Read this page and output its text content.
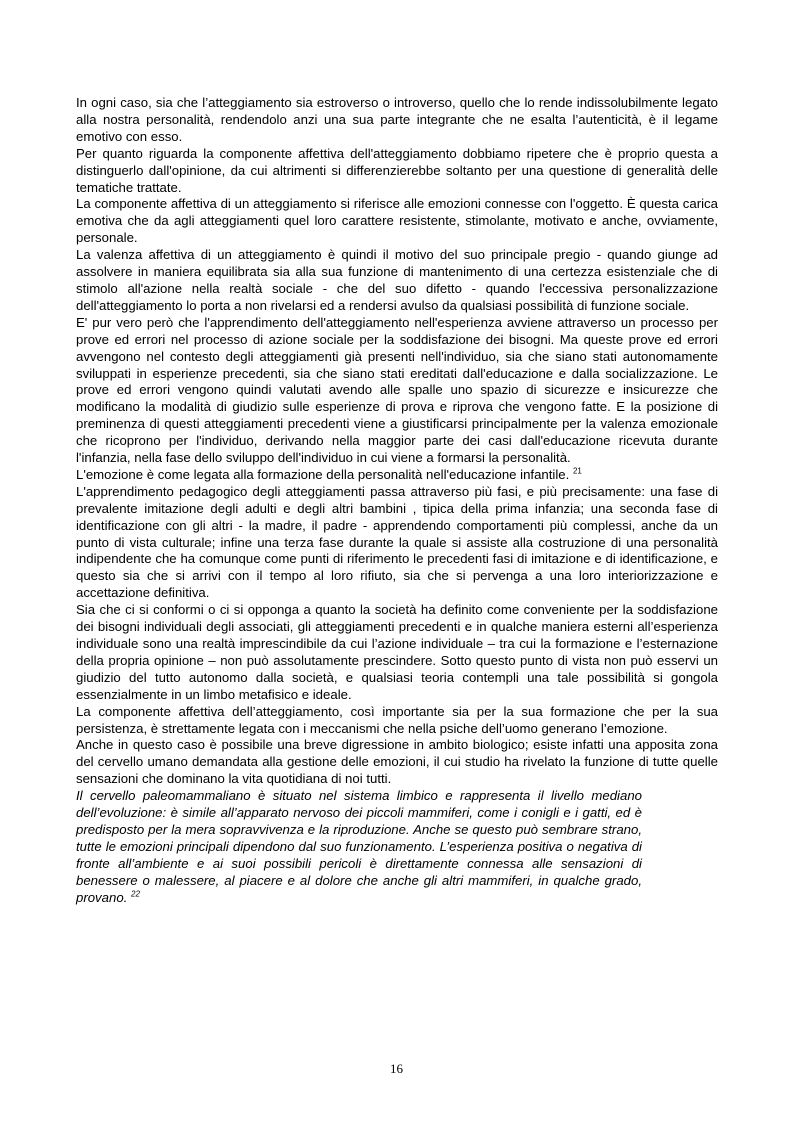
In ogni caso, sia che l’atteggiamento sia estroverso o introverso, quello che lo rende indissolubilmente legato alla nostra personalità, rendendolo anzi una sua parte integrante che ne esalta l’autenticità, è il legame emotivo con esso.

Per quanto riguarda la componente affettiva dell'atteggiamento dobbiamo ripetere che è proprio questa a distinguerlo dall'opinione, da cui altrimenti si differenzierebbe soltanto per una questione di generalità delle tematiche trattate.

La componente affettiva di un atteggiamento si riferisce alle emozioni connesse con l'oggetto. È questa carica emotiva che da agli atteggiamenti quel loro carattere resistente, stimolante, motivato e anche, ovviamente, personale.

La valenza affettiva di un atteggiamento è quindi il motivo del suo principale pregio - quando giunge ad assolvere in maniera equilibrata sia alla sua funzione di mantenimento di una certezza esistenziale che di stimolo all'azione nella realtà sociale - che del suo difetto - quando l'eccessiva personalizzazione dell'atteggiamento lo porta a non rivelarsi ed a rendersi avulso da qualsiasi possibilità di funzione sociale.

E' pur vero però che l'apprendimento dell'atteggiamento nell'esperienza avviene attraverso un processo per prove ed errori nel processo di azione sociale per la soddisfazione dei bisogni. Ma queste prove ed errori avvengono nel contesto degli atteggiamenti già presenti nell'individuo, sia che siano stati autonomamente sviluppati in esperienze precedenti, sia che siano stati ereditati dall'educazione e dalla socializzazione. Le prove ed errori vengono quindi valutati avendo alle spalle uno spazio di sicurezze e insicurezze che modificano la modalità di giudizio sulle esperienze di prova e riprova che vengono fatte. E la posizione di preminenza di questi atteggiamenti precedenti viene a giustificarsi principalmente per la valenza emozionale che ricoprono per l'individuo, derivando nella maggior parte dei casi dall'educazione ricevuta durante l'infanzia, nella fase dello sviluppo dell'individuo in cui viene a formarsi la personalità.

L'emozione è come legata alla formazione della personalità nell'educazione infantile. $^{21}$

L'apprendimento pedagogico degli atteggiamenti passa attraverso più fasi, e più precisamente: una fase di prevalente imitazione degli adulti e degli altri bambini , tipica della prima infanzia; una seconda fase di identificazione con gli altri - la madre, il padre - apprendendo comportamenti più complessi, anche da un punto di vista culturale; infine una terza fase durante la quale si assiste alla costruzione di una personalità indipendente che ha comunque come punti di riferimento le precedenti fasi di imitazione e di identificazione, e questo sia che si arrivi con il tempo al loro rifiuto, sia che si pervenga a una loro interiorizzazione e accettazione definitiva.

Sia che ci si conformi o ci si opponga a quanto la società ha definito come conveniente per la soddisfazione dei bisogni individuali degli associati, gli atteggiamenti precedenti e in qualche maniera esterni all’esperienza individuale sono una realtà imprescindibile da cui l’azione individuale – tra cui la formazione e l’esternazione della propria opinione – non può assolutamente prescindere. Sotto questo punto di vista non può esservi un giudizio del tutto autonomo dalla società, e qualsiasi teoria contempli una tale possibilità si gongola essenzialmente in un limbo metafisico e ideale.

La componente affettiva dell’atteggiamento, così importante sia per la sua formazione che per la sua persistenza, è strettamente legata con i meccanismi che nella psiche dell’uomo generano l’emozione.

Anche in questo caso è possibile una breve digressione in ambito biologico; esiste infatti una apposita zona del cervello umano demandata alla gestione delle emozioni, il cui studio ha rivelato la funzione di tutte quelle sensazioni che dominano la vita quotidiana di noi tutti.

Il cervello paleomammaliano è situato nel sistema limbico e rappresenta il livello mediano dell’evoluzione: è simile all’apparato nervoso dei piccoli mammiferi, come i conigli e i gatti, ed è predisposto per la mera sopravvivenza e la riproduzione. Anche se questo può sembrare strano, tutte le emozioni principali dipendono dal suo funzionamento. L’esperienza positiva o negativa di fronte all’ambiente e ai suoi possibili pericoli è direttamente connessa alle sensazioni di benessere o malessere, al piacere e al dolore che anche gli altri mammiferi, in qualche grado, provano. $^{22}$

16
